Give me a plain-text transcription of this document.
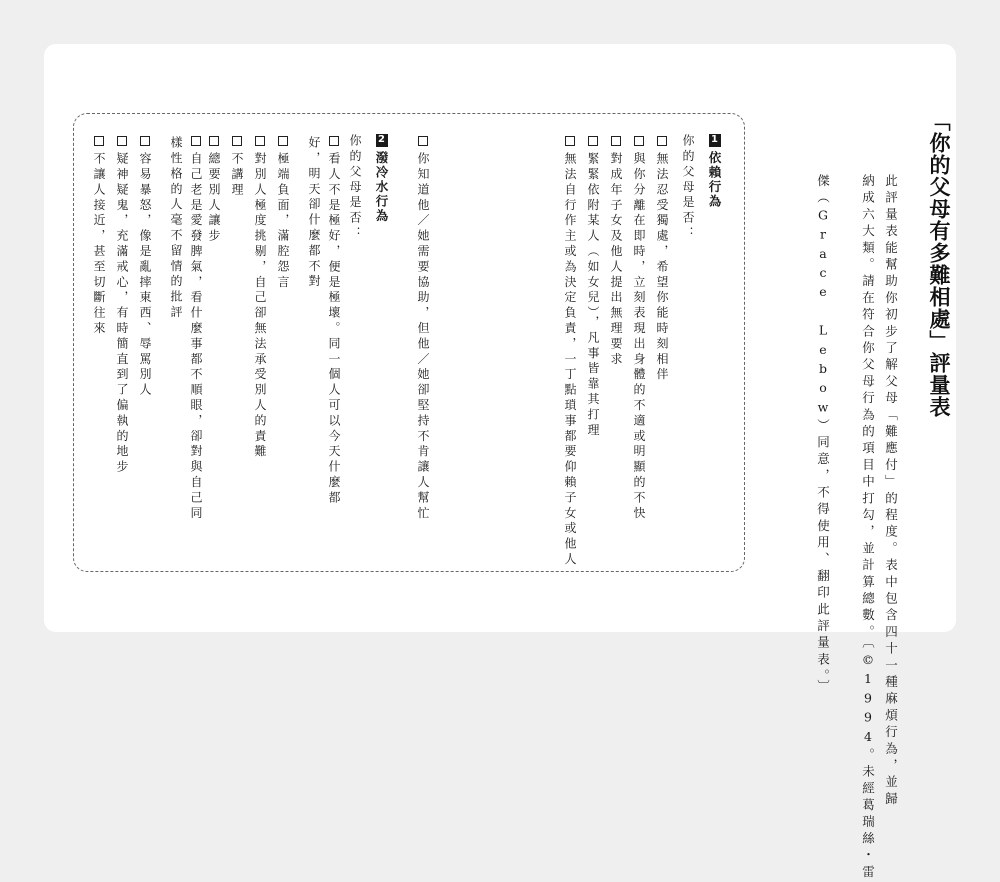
「你的父母有多難相處」評量表
此評量表能幫助你初步了解父母「難應付」的程度。表中包含四十一種麻煩行為，並歸
納成六大類。請在符合你父母行為的項目中打勾，並計算總數。〔©1994。未經葛瑞絲・雷
傑（Grace Lebow）同意，不得使用、翻印此評量表。〕
1依賴行為
你的父母是否：
無法忍受獨處，希望你能時刻相伴
與你分離在即時，立刻表現出身體的不適或明顯的不快
對成年子女及他人提出無理要求
緊緊依附某人（如女兒），凡事皆靠其打理
無法自行作主或為決定負責，一丁點瑣事都要仰賴子女或他人
你知道他／她需要協助，但他／她卻堅持不肯讓人幫忙
2潑冷水行為
你的父母是否：
看人不是極好，便是極壞。同一個人可以今天什麼都好，明天卻什麼都不對
極端負面，滿腔怨言
對別人極度挑剔，自己卻無法承受別人的責難
不講理
總要別人讓步
自己老是愛發脾氣，看什麼事都不順眼，卻對與自己同樣性格的人毫不留情的批評
容易暴怒，像是亂摔東西、辱罵別人
疑神疑鬼，充滿戒心，有時簡直到了偏執的地步
不讓人接近，甚至切斷往來
